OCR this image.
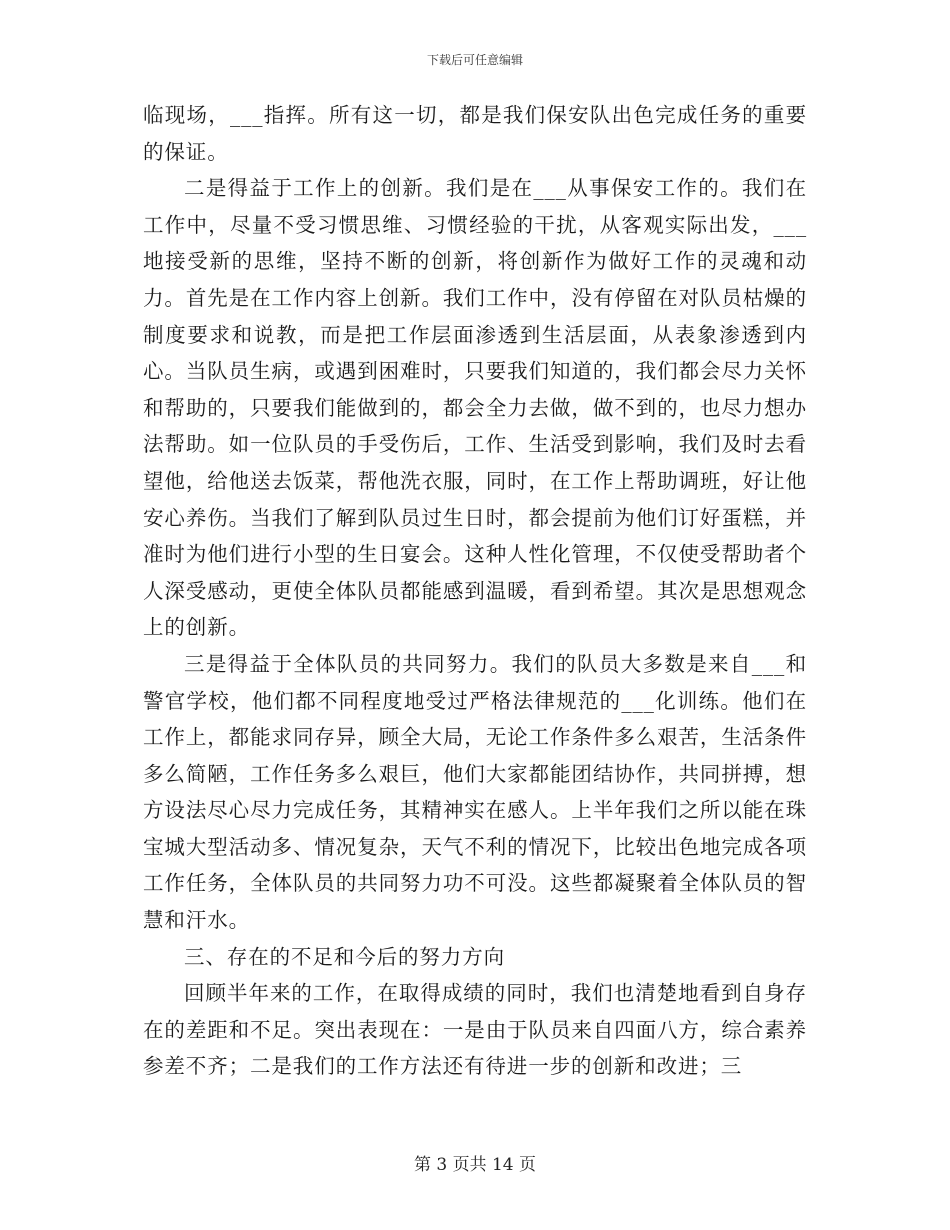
下载后可任意编辑

临现场，___指挥。所有这一切，都是我们保安队出色完成任务的重要的保证。

二是得益于工作上的创新。我们是在___从事保安工作的。我们在工作中，尽量不受习惯思维、习惯经验的干扰，从客观实际出发，___地接受新的思维，坚持不断的创新，将创新作为做好工作的灵魂和动力。首先是在工作内容上创新。我们工作中，没有停留在对队员枯燥的制度要求和说教，而是把工作层面渗透到生活层面，从表象渗透到内心。当队员生病，或遇到困难时，只要我们知道的，我们都会尽力关怀和帮助的，只要我们能做到的，都会全力去做，做不到的，也尽力想办法帮助。如一位队员的手受伤后，工作、生活受到影响，我们及时去看望他，给他送去饭菜，帮他洗衣服，同时，在工作上帮助调班，好让他安心养伤。当我们了解到队员过生日时，都会提前为他们订好蛋糕，并准时为他们进行小型的生日宴会。这种人性化管理，不仅使受帮助者个人深受感动，更使全体队员都能感到温暖，看到希望。其次是思想观念上的创新。

三是得益于全体队员的共同努力。我们的队员大多数是来自___和警官学校，他们都不同程度地受过严格法律规范的___化训练。他们在工作上，都能求同存异，顾全大局，无论工作条件多么艰苦，生活条件多么简陋，工作任务多么艰巨，他们大家都能团结协作，共同拼搏，想方设法尽心尽力完成任务，其精神实在感人。上半年我们之所以能在珠宝城大型活动多、情况复杂，天气不利的情况下，比较出色地完成各项工作任务，全体队员的共同努力功不可没。这些都凝聚着全体队员的智慧和汗水。

三、存在的不足和今后的努力方向

回顾半年来的工作，在取得成绩的同时，我们也清楚地看到自身存在的差距和不足。突出表现在：一是由于队员来自四面八方，综合素养参差不齐；二是我们的工作方法还有待进一步的创新和改进；三

第 3 页共 14 页
